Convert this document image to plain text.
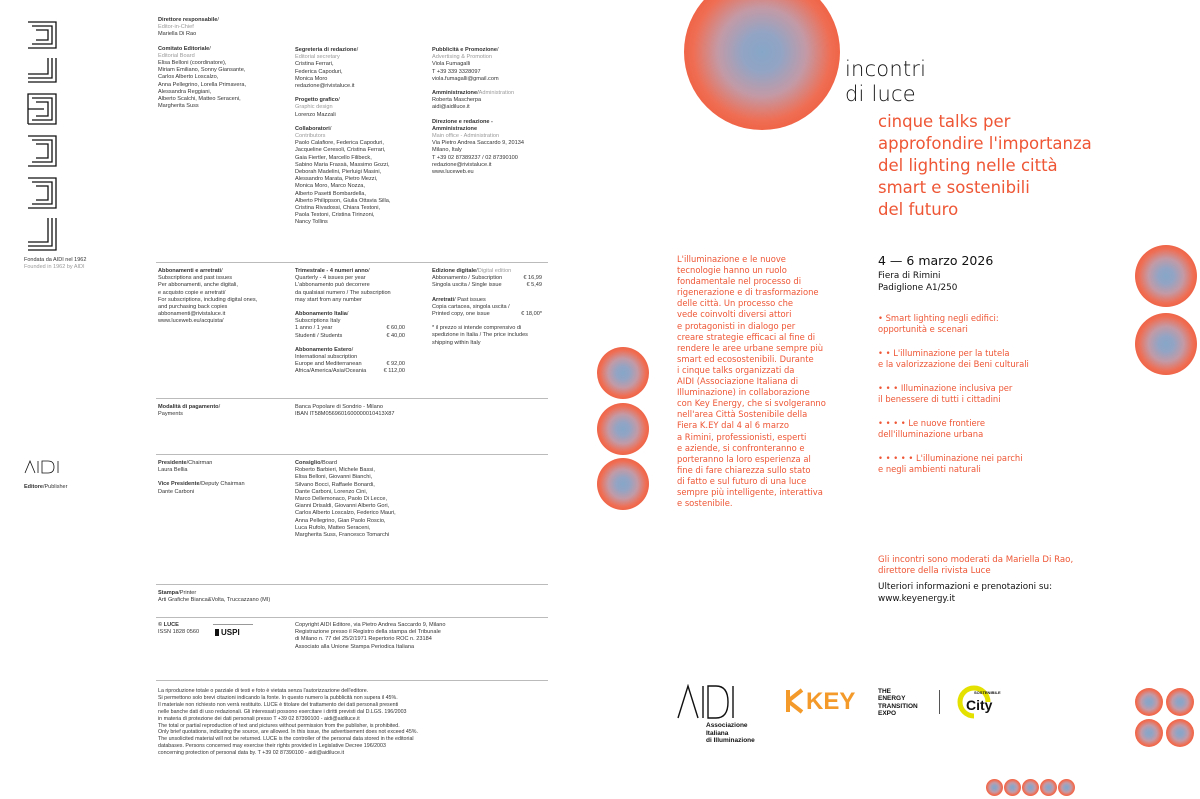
Fondata da AIDI nel 1962
Founded in 1962 by AIDI
Direttore responsabile/
Editor-in-Chief
Mariella Di Rao
Comitato Editoriale/
Editorial Board
Elisa Belloni (coordinatore),
Miriam Emiliano, Sonny Giansante,
Carlos Alberto Loscalzo,
Anna Pellegrino, Lorella Primavera,
Alessandra Reggiani,
Alberto Scalchi, Matteo Seraceni,
Margherita Suss
Segreteria di redazione/
Editorial secretary
Cristina Ferrari,
Federica Capoduri,
Monica Moro
redazione@rivistaluce.it
Progetto grafico/
Graphic design
Lorenzo Mazzali
Collaboratori/
Contributors
Paolo Calafiore, Federica Capoduri,
Jacqueline Ceresoli, Cristina Ferrari,
Gaia Fiertler, Marcello Filibeck,
Sabino Maria Frassà, Massimo Gozzi,
Deborah Madelini, Pierluigi Masini,
Alessandro Marata, Pietro Mezzi,
Monica Moro, Marco Nozza,
Alberto Pasetti Bombardella,
Alberto Philippson, Giulia Ottavia Silla,
Cristina Rivadossi, Chiara Testoni,
Paola Testoni, Cristina Tirinzoni,
Nancy Tollins
Pubblicità e Promozione/
Advertising & Promotion
Viola Fumagalli
T +39 339 3328097
viola.fumagalli@gmail.com
Amministrazione/Administration
Roberta Mascherpa
aidi@aidiluce.it
Direzione e redazione - Amministrazione
Main office - Administration
Via Pietro Andrea Saccardo 9, 20134
Milano, Italy
T +39 02 87389237 / 02 87390100
redazione@rivistaluce.it
www.luceweb.eu
Abbonamenti e arretrati/
Subscriptions and past issues
Per abbonamenti, anche digitali,
e acquisto copie e arretrati/
For subscriptions, including digital ones,
and purchasing back copies
abbonamenti@rivistaluce.it
www.luceweb.eu/acquista/
Trimestrale - 4 numeri anno/
Quarterly - 4 issues per year
L'abbonamento può decorrere
da qualsiasi numero / The subscription
may start from any number
Abbonamento Italia/
Subscriptions Italy
1 anno / 1 year	€ 60,00
Studenti / Students	€ 40,00
Abbonamento Estero/
International subscription
Europe and Mediterranean	€ 92,00
Africa/America/Asia/Oceania	€ 112,00
Edizione digitale/Digital edition
Abbonamento / Subscription	€ 16,99
Singola uscita / Single issue	€ 5,49
Arretrati/ Past issues
Copia cartacea, singola uscita /
Printed copy, one issue	€ 18,00*
* il prezzo si intende comprensivo di
spedizione in Italia / The price includes
shipping within Italy
Modalità di pagamento/
Payments
Banca Popolare di Sondrio - Milano
IBAN IT58M0569601600000010413X87
Editore/Publisher
Presidente/Chairman
Laura Bellia
Vice Presidente/Deputy Chairman
Dante Carboni
Consiglio/Board
Roberto Barbieri, Michele Bassi,
Elisa Belloni, Giovanni Bianchi,
Silvano Bocci, Raffaele Bonardi,
Dante Carboni, Lorenzo Cini,
Marco Dellemonaco, Paolo Di Lecce,
Gianni Drisaldi, Giovanni Alberto Gori,
Carlos Alberto Loscalzo, Federico Mauri,
Anna Pellegrino, Gian Paolo Roscio,
Luca Rufolo, Matteo Seraceni,
Margherita Suss, Francesco Tomarchi
Stampa/Printer
Arti Grafiche Bianca&Volta, Truccazzano (MI)
© LUCE
ISSN 1828 0560	USPI
Copyright AIDI Editore, via Pietro Andrea Saccardo 9, Milano
Registrazione presso il Registro della stampa del Tribunale
di Milano n. 77 del 25/2/1971 Repertorio ROC n. 23184
Associato alla Unione Stampa Periodica Italiana
La riproduzione totale o parziale di testi e foto è vietata senza l'autorizzazione dell'editore.
Si permettono solo brevi citazioni indicando la fonte. In questo numero la pubblicità non supera il 45%.
Il materiale non richiesto non verrà restituito. LUCE è titolare del trattamento dei dati personali presenti
nelle banche dati di uso redazionali. Gli interessati possono esercitare i diritti previsti dal D.LGS. 196/2003
in materia di protezione dei dati personali presso T +39 02 87390100 - aidi@aidiluce.it
The total or partial reproduction of text and pictures without permission from the publisher, is prohibited.
Only brief quotations, indicating the source, are allowed. In this issue, the advertisement does not exceed 45%.
The unsolicited material will not be returned. LUCE is the controller of the personal data stored in the editorial
databases. Persons concerned may exercise their rights provided in Legislative Decree 196/2003
concerning protection of personal data by. T +39 02 87390100 - aidi@aidiluce.it
incontri
di luce
cinque talks per
approfondire l'importanza
del lighting nelle città
smart e sostenibili
del futuro
4 — 6 marzo 2026
Fiera di Rimini
Padiglione A1/250
• Smart lighting negli edifici:
opportunità e scenari
• • L'illuminazione per la tutela
e la valorizzazione dei Beni culturali
• • • Illuminazione inclusiva per
il benessere di tutti i cittadini
• • • • Le nuove frontiere
dell'illuminazione urbana
• • • • • L'illuminazione nei parchi
e negli ambienti naturali
L'illuminazione e le nuove
tecnologie hanno un ruolo
fondamentale nel processo di
rigenerazione e di trasformazione
delle città. Un processo che
vede coinvolti diversi attori
e protagonisti in dialogo per
creare strategie efficaci al fine di
rendere le aree urbane sempre più
smart ed ecosostenibili. Durante
i cinque talks organizzati da
AIDI (Associazione Italiana di
Illuminazione) in collaborazione
con Key Energy, che si svolgeranno
nell'area Città Sostenibile della
Fiera K.EY dal 4 al 6 marzo
a Rimini, professionisti, esperti
e aziende, si confronteranno e
porteranno la loro esperienza al
fine di fare chiarezza sullo stato
di fatto e sul futuro di una luce
sempre più intelligente, interattiva
e sostenibile.
Gli incontri sono moderati da Mariella Di Rao,
direttore della rivista Luce
Ulteriori informazioni e prenotazioni su:
www.keyenergy.it
Associazione
Italiana
di Illuminazione
KEY	THE
ENERGY
TRANSITION
EXPO
SOSTENIBILE
City
